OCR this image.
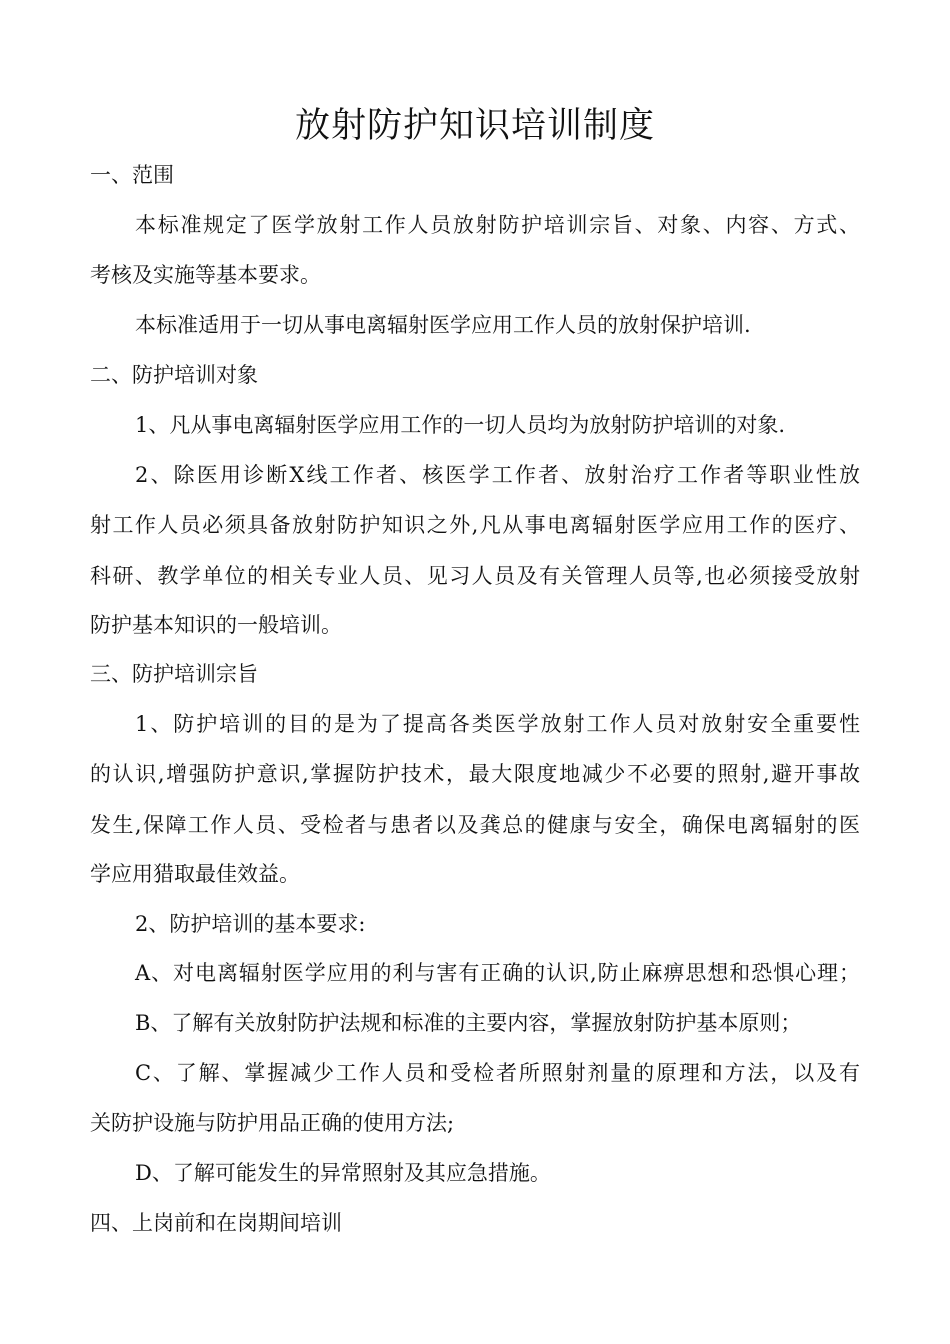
放射防护知识培训制度
一、范围
本标准规定了医学放射工作人员放射防护培训宗旨、对象、内容、方式、
考核及实施等基本要求。
本标准适用于一切从事电离辐射医学应用工作人员的放射保护培训.
二、防护培训对象
1、凡从事电离辐射医学应用工作的一切人员均为放射防护培训的对象.
2、除医用诊断X线工作者、核医学工作者、放射治疗工作者等职业性放
射工作人员必须具备放射防护知识之外,凡从事电离辐射医学应用工作的医疗、
科研、教学单位的相关专业人员、见习人员及有关管理人员等,也必须接受放射
防护基本知识的一般培训。
三、防护培训宗旨
1、防护培训的目的是为了提高各类医学放射工作人员对放射安全重要性
的认识,增强防护意识,掌握防护技术，最大限度地减少不必要的照射,避开事故
发生,保障工作人员、受检者与患者以及龚总的健康与安全，确保电离辐射的医
学应用猎取最佳效益。
2、防护培训的基本要求:
A、对电离辐射医学应用的利与害有正确的认识,防止麻痹思想和恐惧心理；
B、了解有关放射防护法规和标准的主要内容，掌握放射防护基本原则；
C、了解、掌握减少工作人员和受检者所照射剂量的原理和方法，以及有
关防护设施与防护用品正确的使用方法;
D、了解可能发生的异常照射及其应急措施。
四、上岗前和在岗期间培训
